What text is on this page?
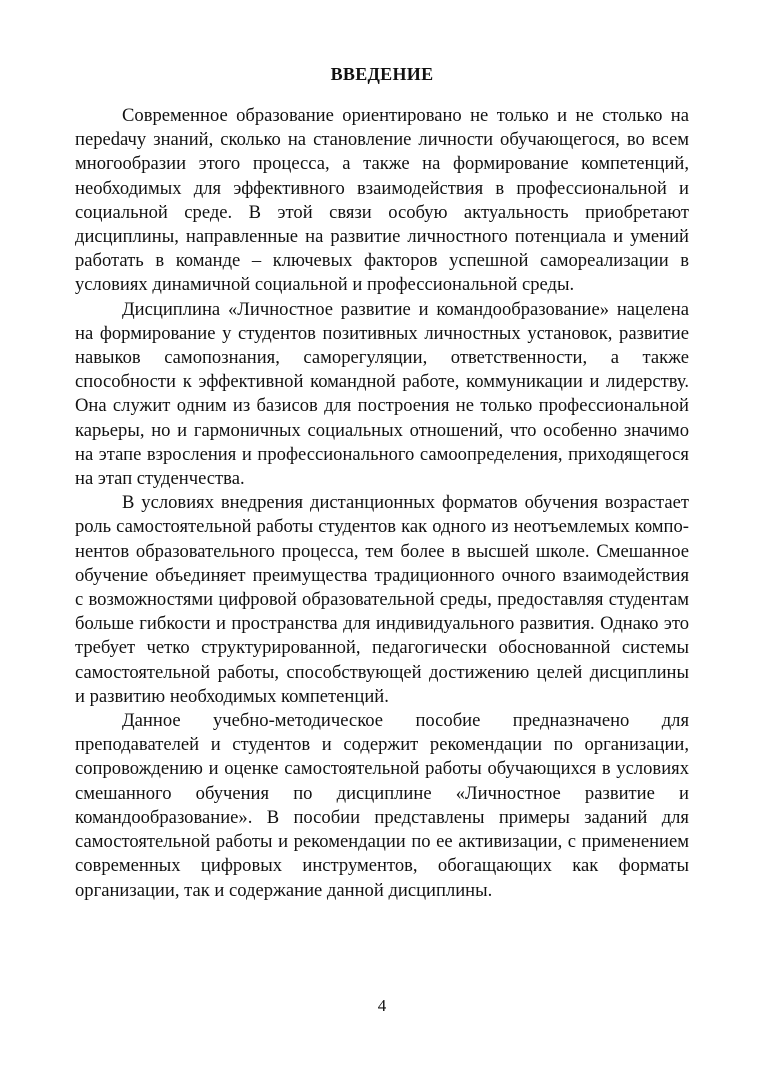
ВВЕДЕНИЕ

Современное образование ориентировано не только и не столько на переdачу знаний, сколько на становление личности обучающегося, во всем многообразии этого процесса, а также на формирование компетенций, необходимых для эффективного взаимодействия в профессиональной и социальной среде. В этой связи особую актуальность приобретают дисциплины, направленные на развитие личностного потенциала и умений работать в команде – ключевых факторов успешной самореализации в условиях динамичной социальной и профессиональной среды.

Дисциплина «Личностное развитие и командообразование» нацелена на формирование у студентов позитивных личностных установок, развитие навыков самопознания, саморегуляции, ответственности, а также способности к эффективной командной работе, коммуникации и лидерству. Она служит одним из базисов для построения не только профессиональной карьеры, но и гармоничных социальных отношений, что особенно значимо на этапе взросления и профессионального самоопределения, приходящегося на этап студенчества.

В условиях внедрения дистанционных форматов обучения возрастает роль самостоятельной работы студентов как одного из неотъемлемых компонентов образовательного процесса, тем более в высшей школе. Смешанное обучение объединяет преимущества традиционного очного взаимодействия с возможностями цифровой образовательной среды, предоставляя студентам больше гибкости и пространства для индивидуального развития. Однако это требует четко структурированной, педагогически обоснованной системы самостоятельной работы, способствующей достижению целей дисциплины и развитию необходимых компетенций.

Данное учебно-методическое пособие предназначено для преподавателей и студентов и содержит рекомендации по организации, сопровождению и оценке самостоятельной работы обучающихся в условиях смешанного обучения по дисциплине «Личностное развитие и командообразование». В пособии представлены примеры заданий для самостоятельной работы и рекомендации по ее активизации, с применением современных цифровых инструментов, обогащающих как форматы организации, так и содержание данной дисциплины.

4
